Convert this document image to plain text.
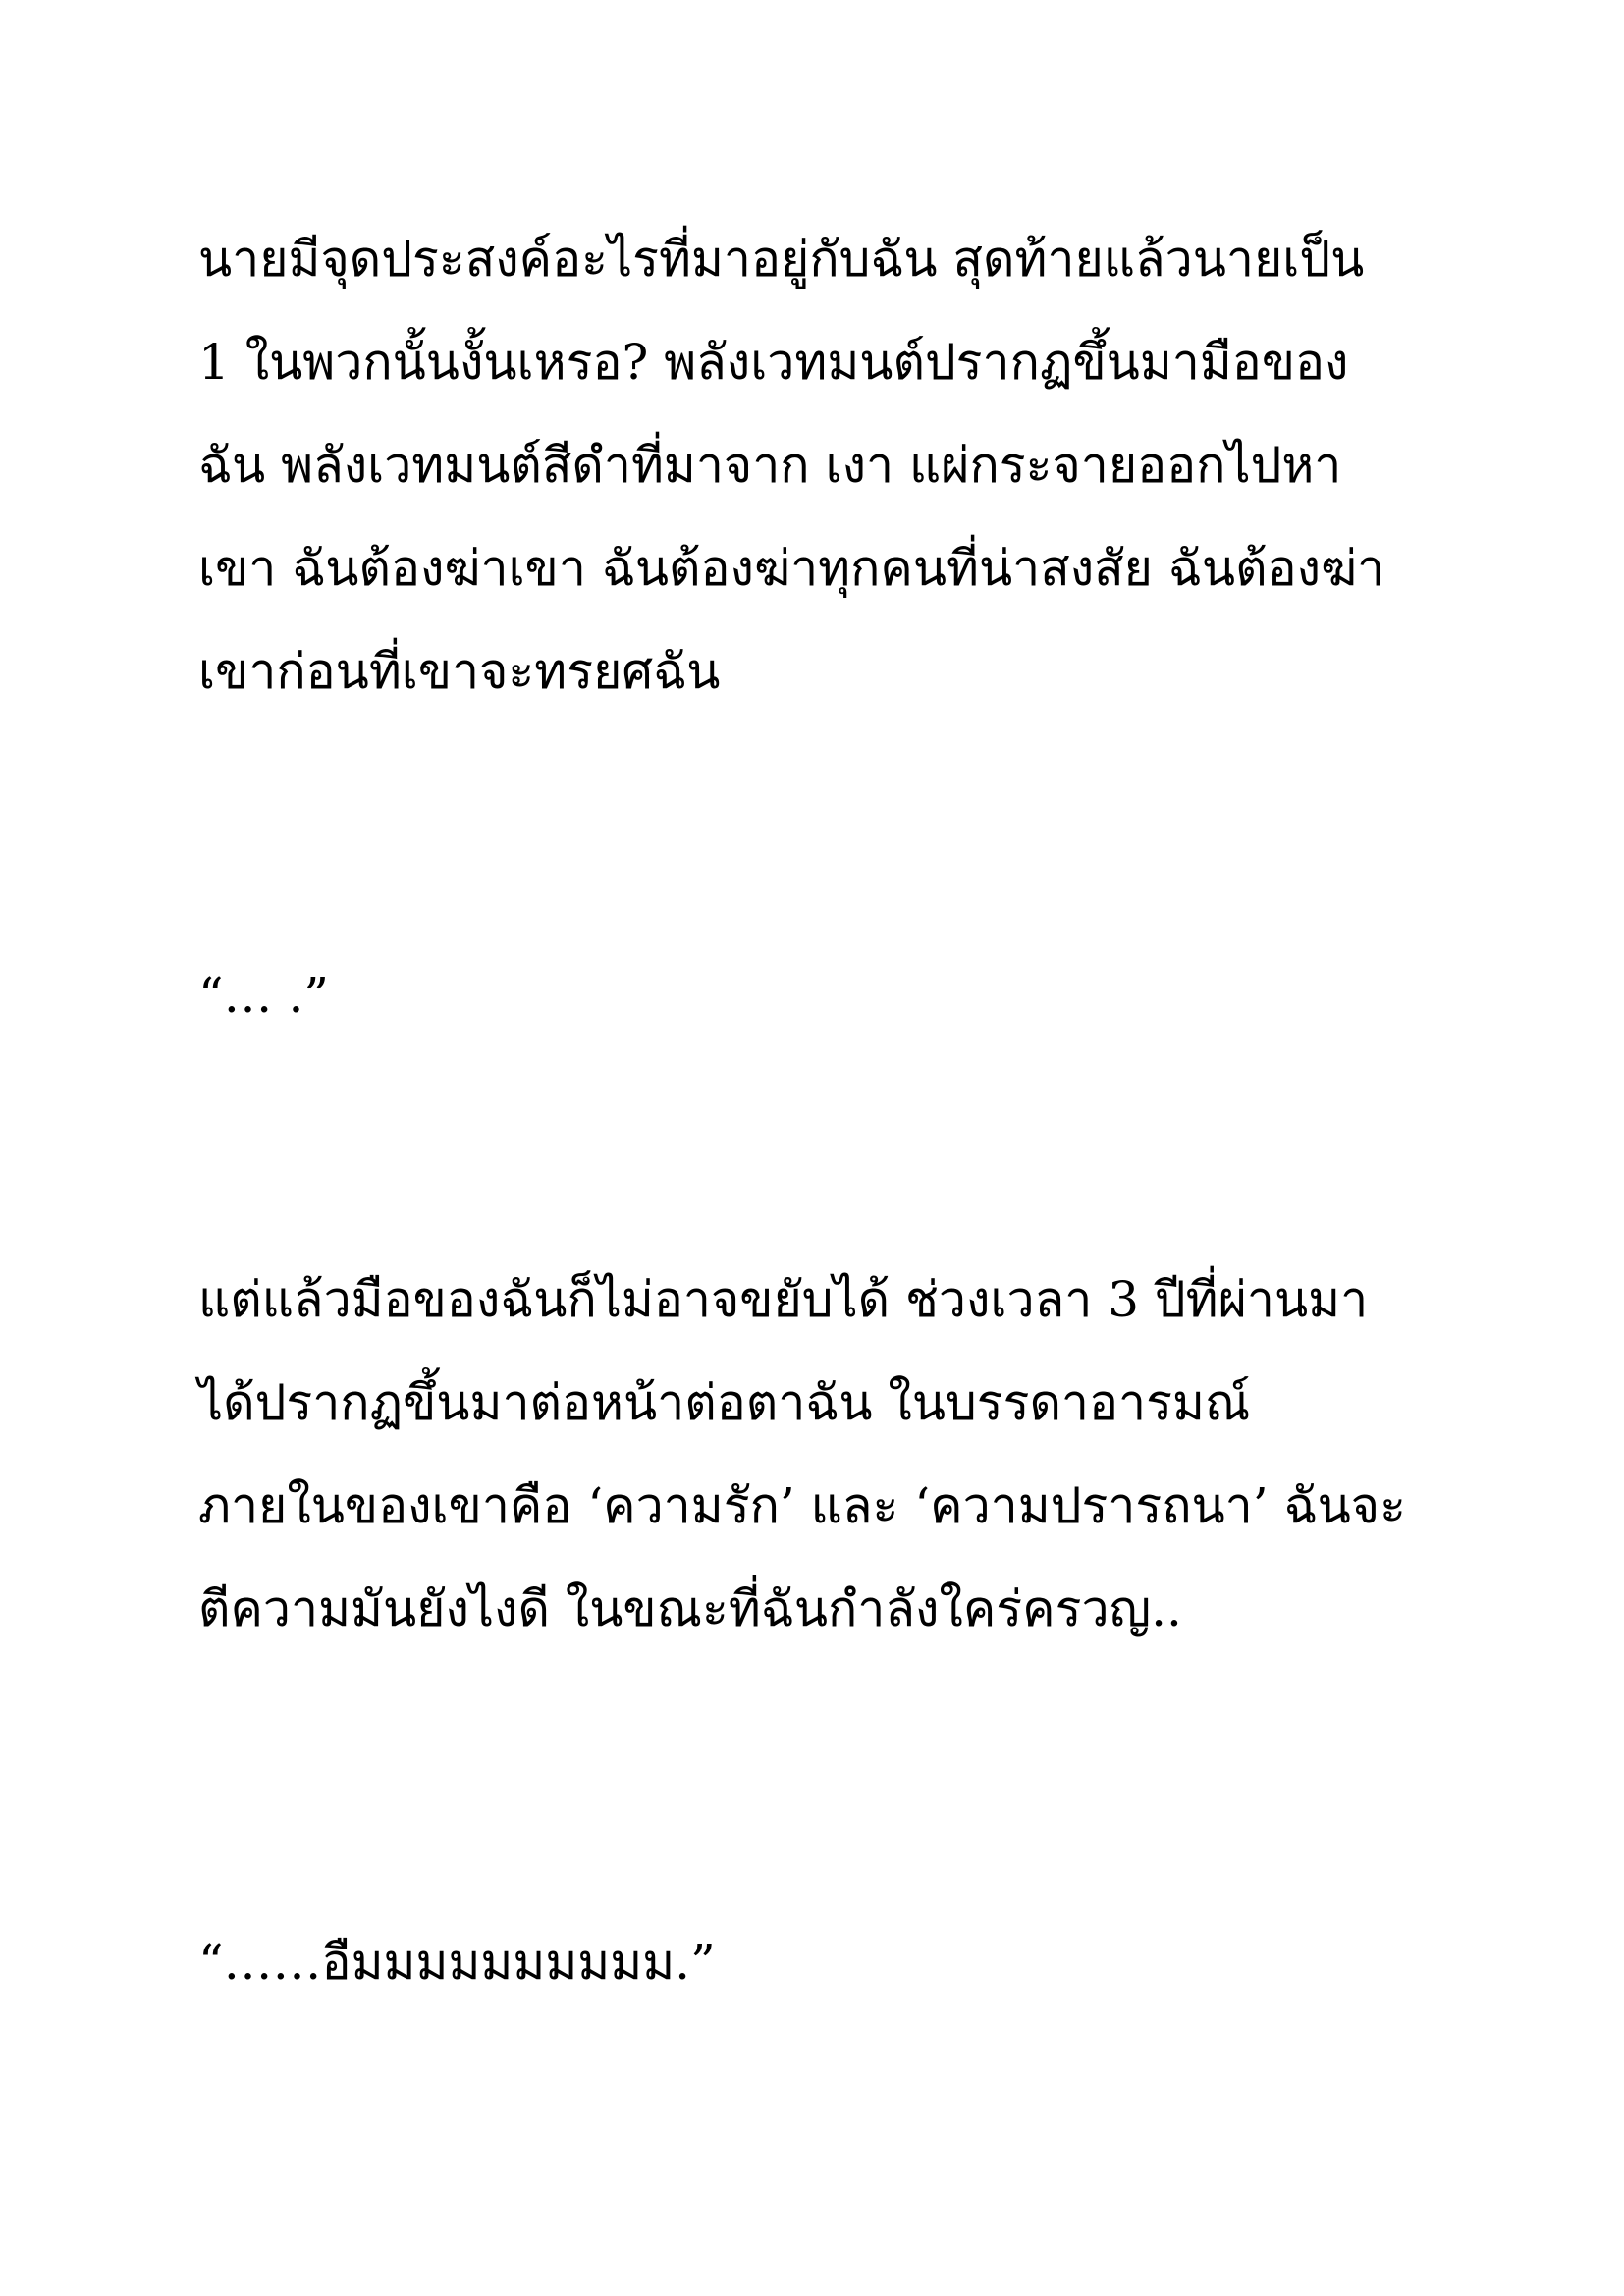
นายมีจุดประสงค์อะไรที่มาอยู่กับฉัน สุดท้ายแล้วนายเป็น
1 ในพวกนั้นงั้นเหรอ? พลังเวทมนต์ปรากฏขึ้นมามือของ
ฉัน พลังเวทมนต์สีดำที่มาจาก เงา แผ่กระจายออกไปหา
เขา ฉันต้องฆ่าเขา ฉันต้องฆ่าทุกคนที่น่าสงสัย ฉันต้องฆ่า
เขาก่อนที่เขาจะทรยศฉัน
“… .”
แต่แล้วมือของฉันก็ไม่อาจขยับได้ ช่วงเวลา 3 ปีที่ผ่านมา
ได้ปรากฏขึ้นมาต่อหน้าต่อตาฉัน ในบรรดาอารมณ์
ภายในของเขาคือ ‘ความรัก’ และ ‘ความปรารถนา’ ฉันจะ
ตีความมันยังไงดี ในขณะที่ฉันกำลังใคร่ครวญ..
“……อืมมมมมมมมมม.”
